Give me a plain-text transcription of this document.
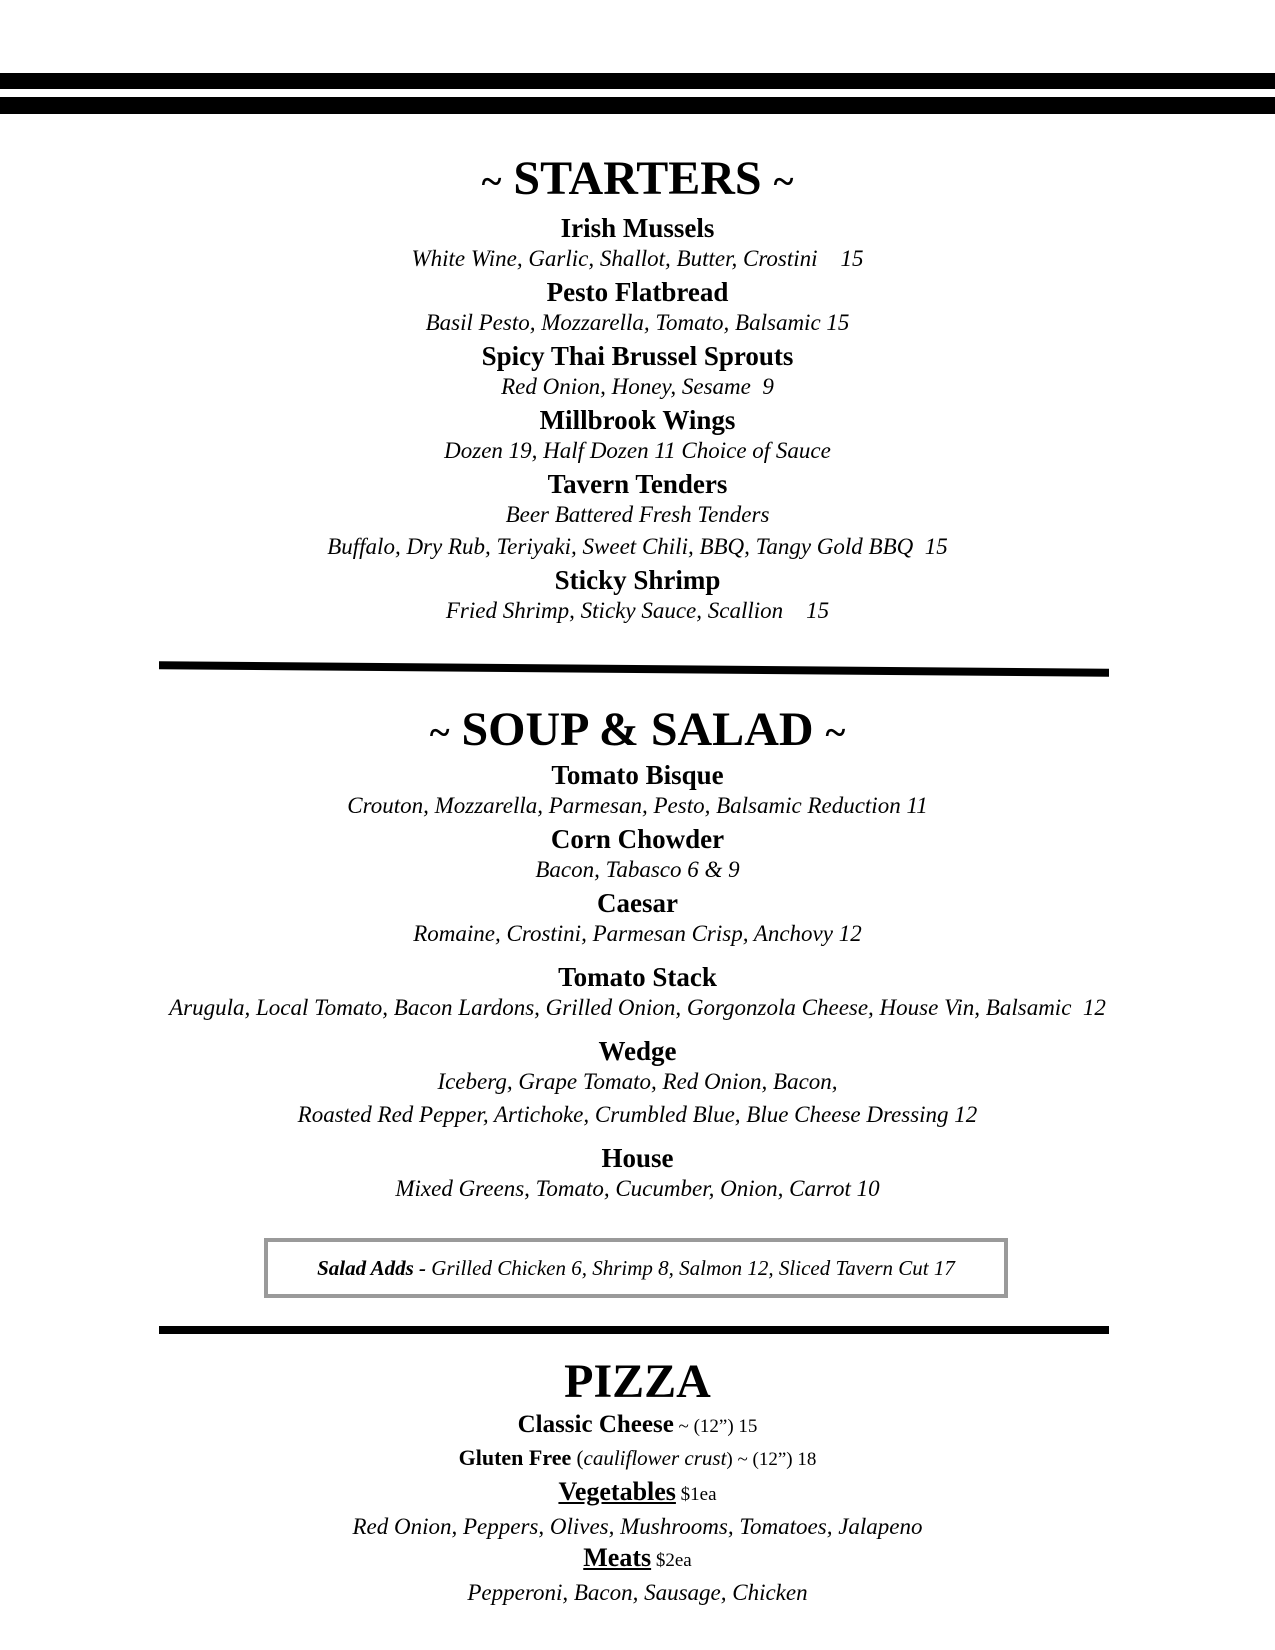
~ STARTERS ~
Irish Mussels
White Wine, Garlic, Shallot, Butter, Crostini    15
Pesto Flatbread
Basil Pesto, Mozzarella, Tomato, Balsamic 15
Spicy Thai Brussel Sprouts
Red Onion, Honey, Sesame  9
Millbrook Wings
Dozen 19, Half Dozen 11 Choice of Sauce
Tavern Tenders
Beer Battered Fresh Tenders
Buffalo, Dry Rub, Teriyaki, Sweet Chili, BBQ, Tangy Gold BBQ  15
Sticky Shrimp
Fried Shrimp, Sticky Sauce, Scallion    15
~ SOUP & SALAD ~
Tomato Bisque
Crouton, Mozzarella, Parmesan, Pesto, Balsamic Reduction 11
Corn Chowder
Bacon, Tabasco 6 & 9
Caesar
Romaine, Crostini, Parmesan Crisp, Anchovy 12
Tomato Stack
Arugula, Local Tomato, Bacon Lardons, Grilled Onion, Gorgonzola Cheese, House Vin, Balsamic  12
Wedge
Iceberg, Grape Tomato, Red Onion, Bacon,
Roasted Red Pepper, Artichoke, Crumbled Blue, Blue Cheese Dressing 12
House
Mixed Greens, Tomato, Cucumber, Onion, Carrot 10
Salad Adds - Grilled Chicken 6, Shrimp 8, Salmon 12, Sliced Tavern Cut 17
PIZZA
Classic Cheese ~ (12”) 15
Gluten Free (cauliflower crust) ~ (12”) 18
Vegetables $1ea
Red Onion, Peppers, Olives, Mushrooms, Tomatoes, Jalapeno
Meats $2ea
Pepperoni, Bacon, Sausage, Chicken
